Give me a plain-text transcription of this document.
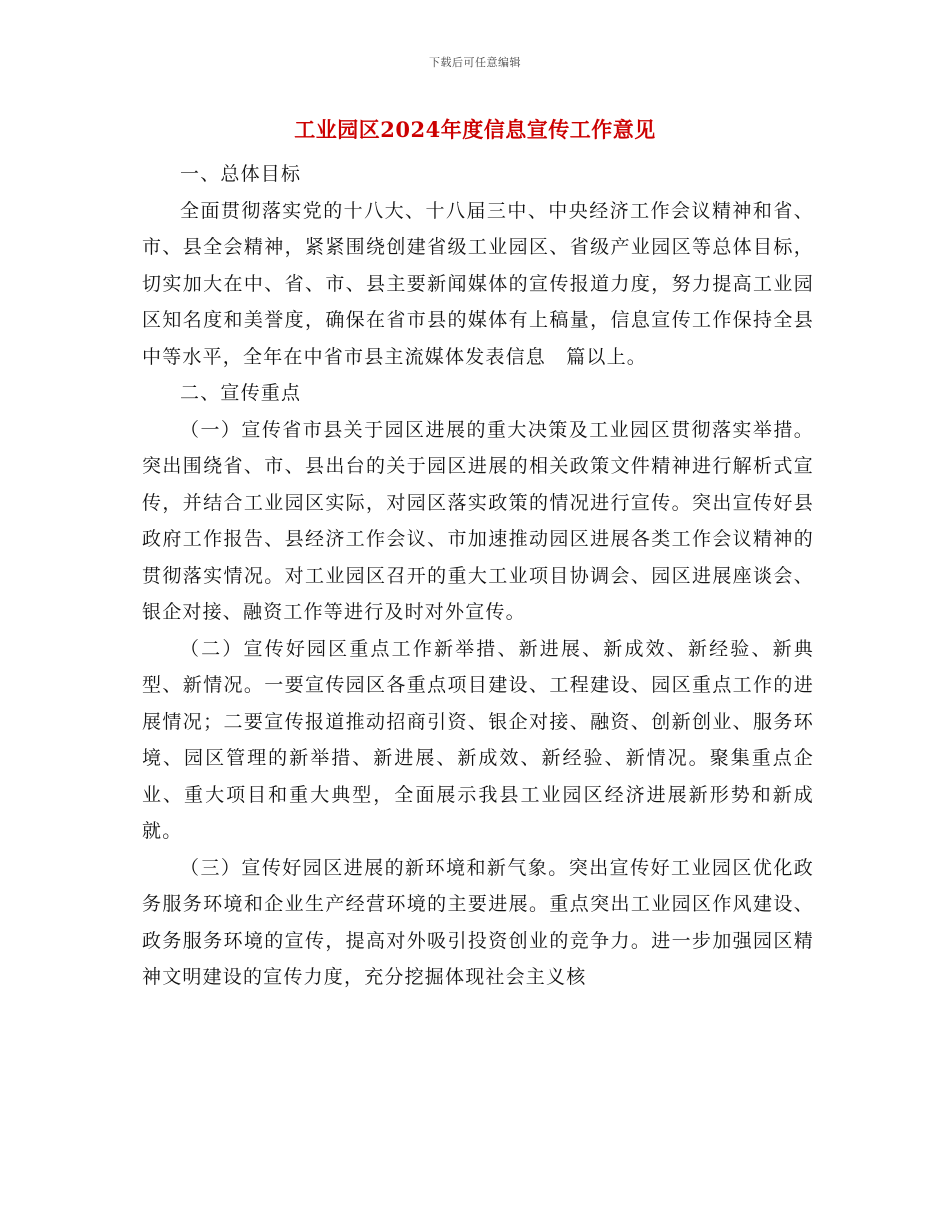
下载后可任意编辑
工业园区2024年度信息宣传工作意见

一、总体目标

全面贯彻落实党的十八大、十八届三中、中央经济工作会议精神和省、市、县全会精神，紧紧围绕创建省级工业园区、省级产业园区等总体目标，切实加大在中、省、市、县主要新闻媒体的宣传报道力度，努力提高工业园区知名度和美誉度，确保在省市县的媒体有上稿量，信息宣传工作保持全县中等水平，全年在中省市县主流媒体发表信息　篇以上。

二、宣传重点

（一）宣传省市县关于园区进展的重大决策及工业园区贯彻落实举措。突出围绕省、市、县出台的关于园区进展的相关政策文件精神进行解析式宣传，并结合工业园区实际，对园区落实政策的情况进行宣传。突出宣传好县政府工作报告、县经济工作会议、市加速推动园区进展各类工作会议精神的贯彻落实情况。对工业园区召开的重大工业项目协调会、园区进展座谈会、银企对接、融资工作等进行及时对外宣传。

（二）宣传好园区重点工作新举措、新进展、新成效、新经验、新典型、新情况。一要宣传园区各重点项目建设、工程建设、园区重点工作的进展情况；二要宣传报道推动招商引资、银企对接、融资、创新创业、服务环境、园区管理的新举措、新进展、新成效、新经验、新情况。聚集重点企业、重大项目和重大典型，全面展示我县工业园区经济进展新形势和新成就。

（三）宣传好园区进展的新环境和新气象。突出宣传好工业园区优化政务服务环境和企业生产经营环境的主要进展。重点突出工业园区作风建设、政务服务环境的宣传，提高对外吸引投资创业的竞争力。进一步加强园区精神文明建设的宣传力度，充分挖掘体现社会主义核
